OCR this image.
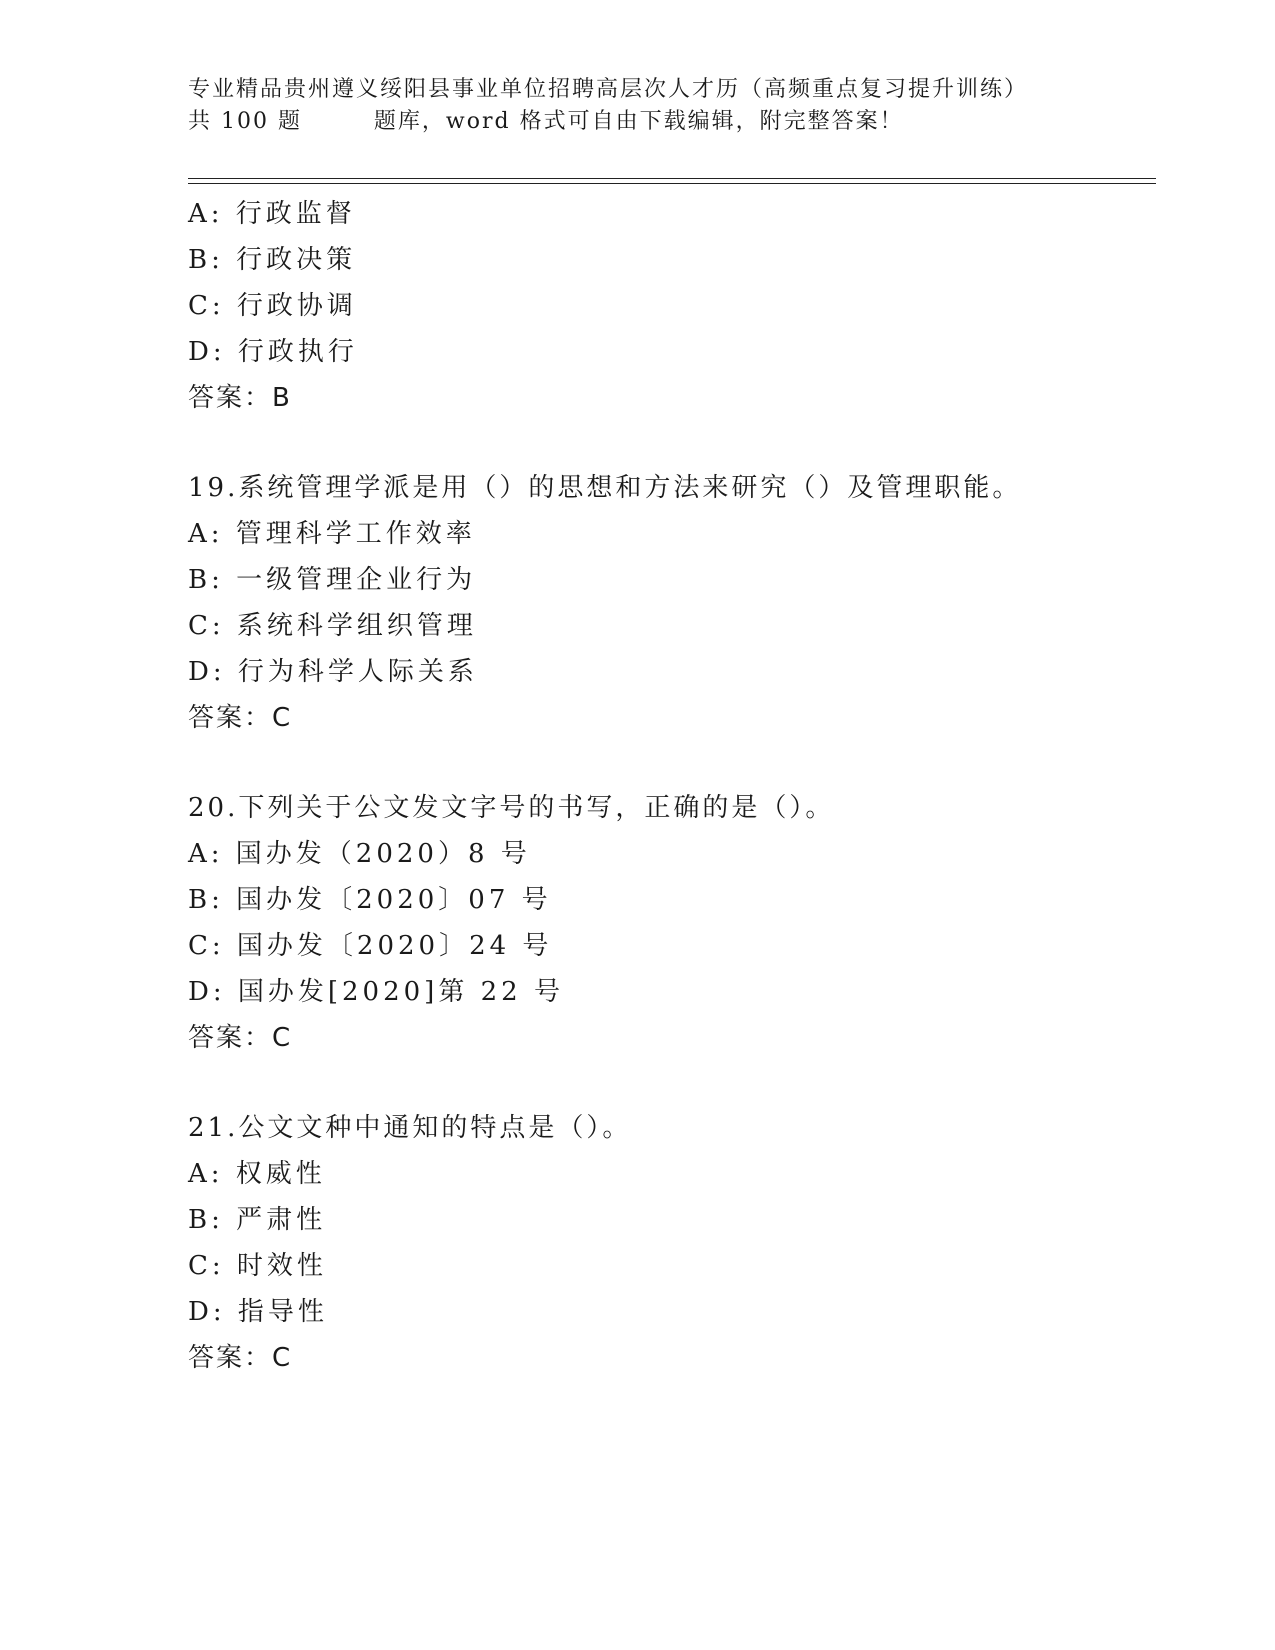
专业精品贵州遵义绥阳县事业单位招聘高层次人才历（高频重点复习提升训练）
共 100 题        题库，word 格式可自由下载编辑，附完整答案！
A: 行政监督
B: 行政决策
C: 行政协调
D: 行政执行
答案：B
19.系统管理学派是用（）的思想和方法来研究（）及管理职能。
A: 管理科学工作效率
B: 一级管理企业行为
C: 系统科学组织管理
D: 行为科学人际关系
答案：C
20.下列关于公文发文字号的书写，正确的是（）。
A: 国办发（2020）8 号
B: 国办发〔2020〕07 号
C: 国办发〔2020〕24 号
D: 国办发[2020]第 22 号
答案：C
21.公文文种中通知的特点是（）。
A: 权威性
B: 严肃性
C: 时效性
D: 指导性
答案：C
